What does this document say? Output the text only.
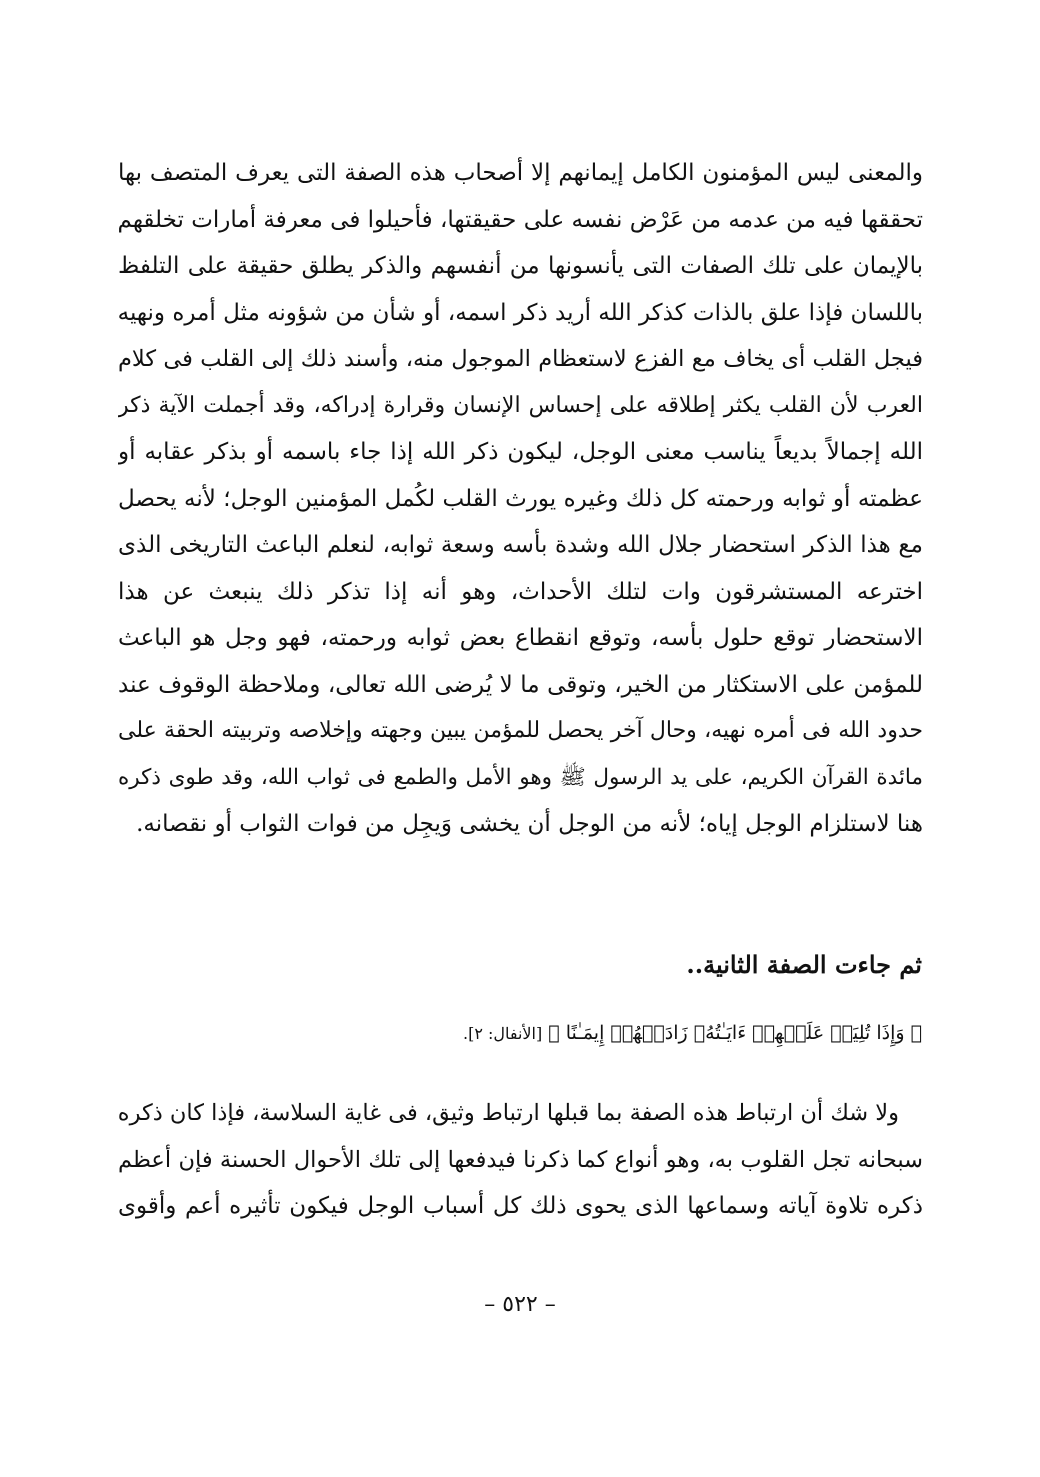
والمعنى ليس المؤمنون الكامل إيمانهم إلا أصحاب هذه الصفة التى يعرف المتصف بها
تحققها فيه من عدمه من عَرْض نفسه على حقيقتها، فأحيلوا فى معرفة أمارات تخلقهم
بالإيمان على تلك الصفات التى يأنسونها من أنفسهم والذكر يطلق حقيقة على التلفظ
باللسان فإذا علق بالذات كذكر الله أريد ذكر اسمه، أو شأن من شؤونه مثل أمره ونهيه
فيجل القلب أى يخاف مع الفزع لاستعظام الموجول منه، وأسند ذلك إلى القلب فى كلام
العرب لأن القلب يكثر إطلاقه على إحساس الإنسان وقرارة إدراكه، وقد أجملت الآية ذكر
الله إجمالاً بديعاً يناسب معنى الوجل، ليكون ذكر الله إذا جاء باسمه أو بذكر عقابه أو
عظمته أو ثوابه ورحمته كل ذلك وغيره يورث القلب لكُمل المؤمنين الوجل؛ لأنه يحصل
مع هذا الذكر استحضار جلال الله وشدة بأسه وسعة ثوابه، لنعلم الباعث التاريخى الذى
اخترعه المستشرقون وات لتلك الأحداث، وهو أنه إذا تذكر ذلك ينبعث عن هذا
الاستحضار توقع حلول بأسه، وتوقع انقطاع بعض ثوابه ورحمته، فهو وجل هو الباعث
للمؤمن على الاستكثار من الخير، وتوقى ما لا يُرضى الله تعالى، وملاحظة الوقوف عند
حدود الله فى أمره نهيه، وحال آخر يحصل للمؤمن يبين وجهته وإخلاصه وتربيته الحقة على
مائدة القرآن الكريم، على يد الرسول ﷺ وهو الأمل والطمع فى ثواب الله، وقد طوى ذكره
هنا لاستلزام الوجل إياه؛ لأنه من الوجل أن يخشى وَيجِل من فوات الثواب أو نقصانه.
ثم جاءت الصفة الثانية..
﴿ وَإِذَا تُلِيَتۡ عَلَيۡهِمۡ ءَايَـٰتُهُۥ زَادَتۡهُمۡ إِيمَـٰنًا ﴾ [الأنفال: ٢].
ولا شك أن ارتباط هذه الصفة بما قبلها ارتباط وثيق، فى غاية السلاسة، فإذا كان ذكره
سبحانه تجل القلوب به، وهو أنواع كما ذكرنا فيدفعها إلى تلك الأحوال الحسنة فإن أعظم
ذكره تلاوة آياته وسماعها الذى يحوى ذلك كل أسباب الوجل فيكون تأثيره أعم وأقوى
– ٥٢٢ –
